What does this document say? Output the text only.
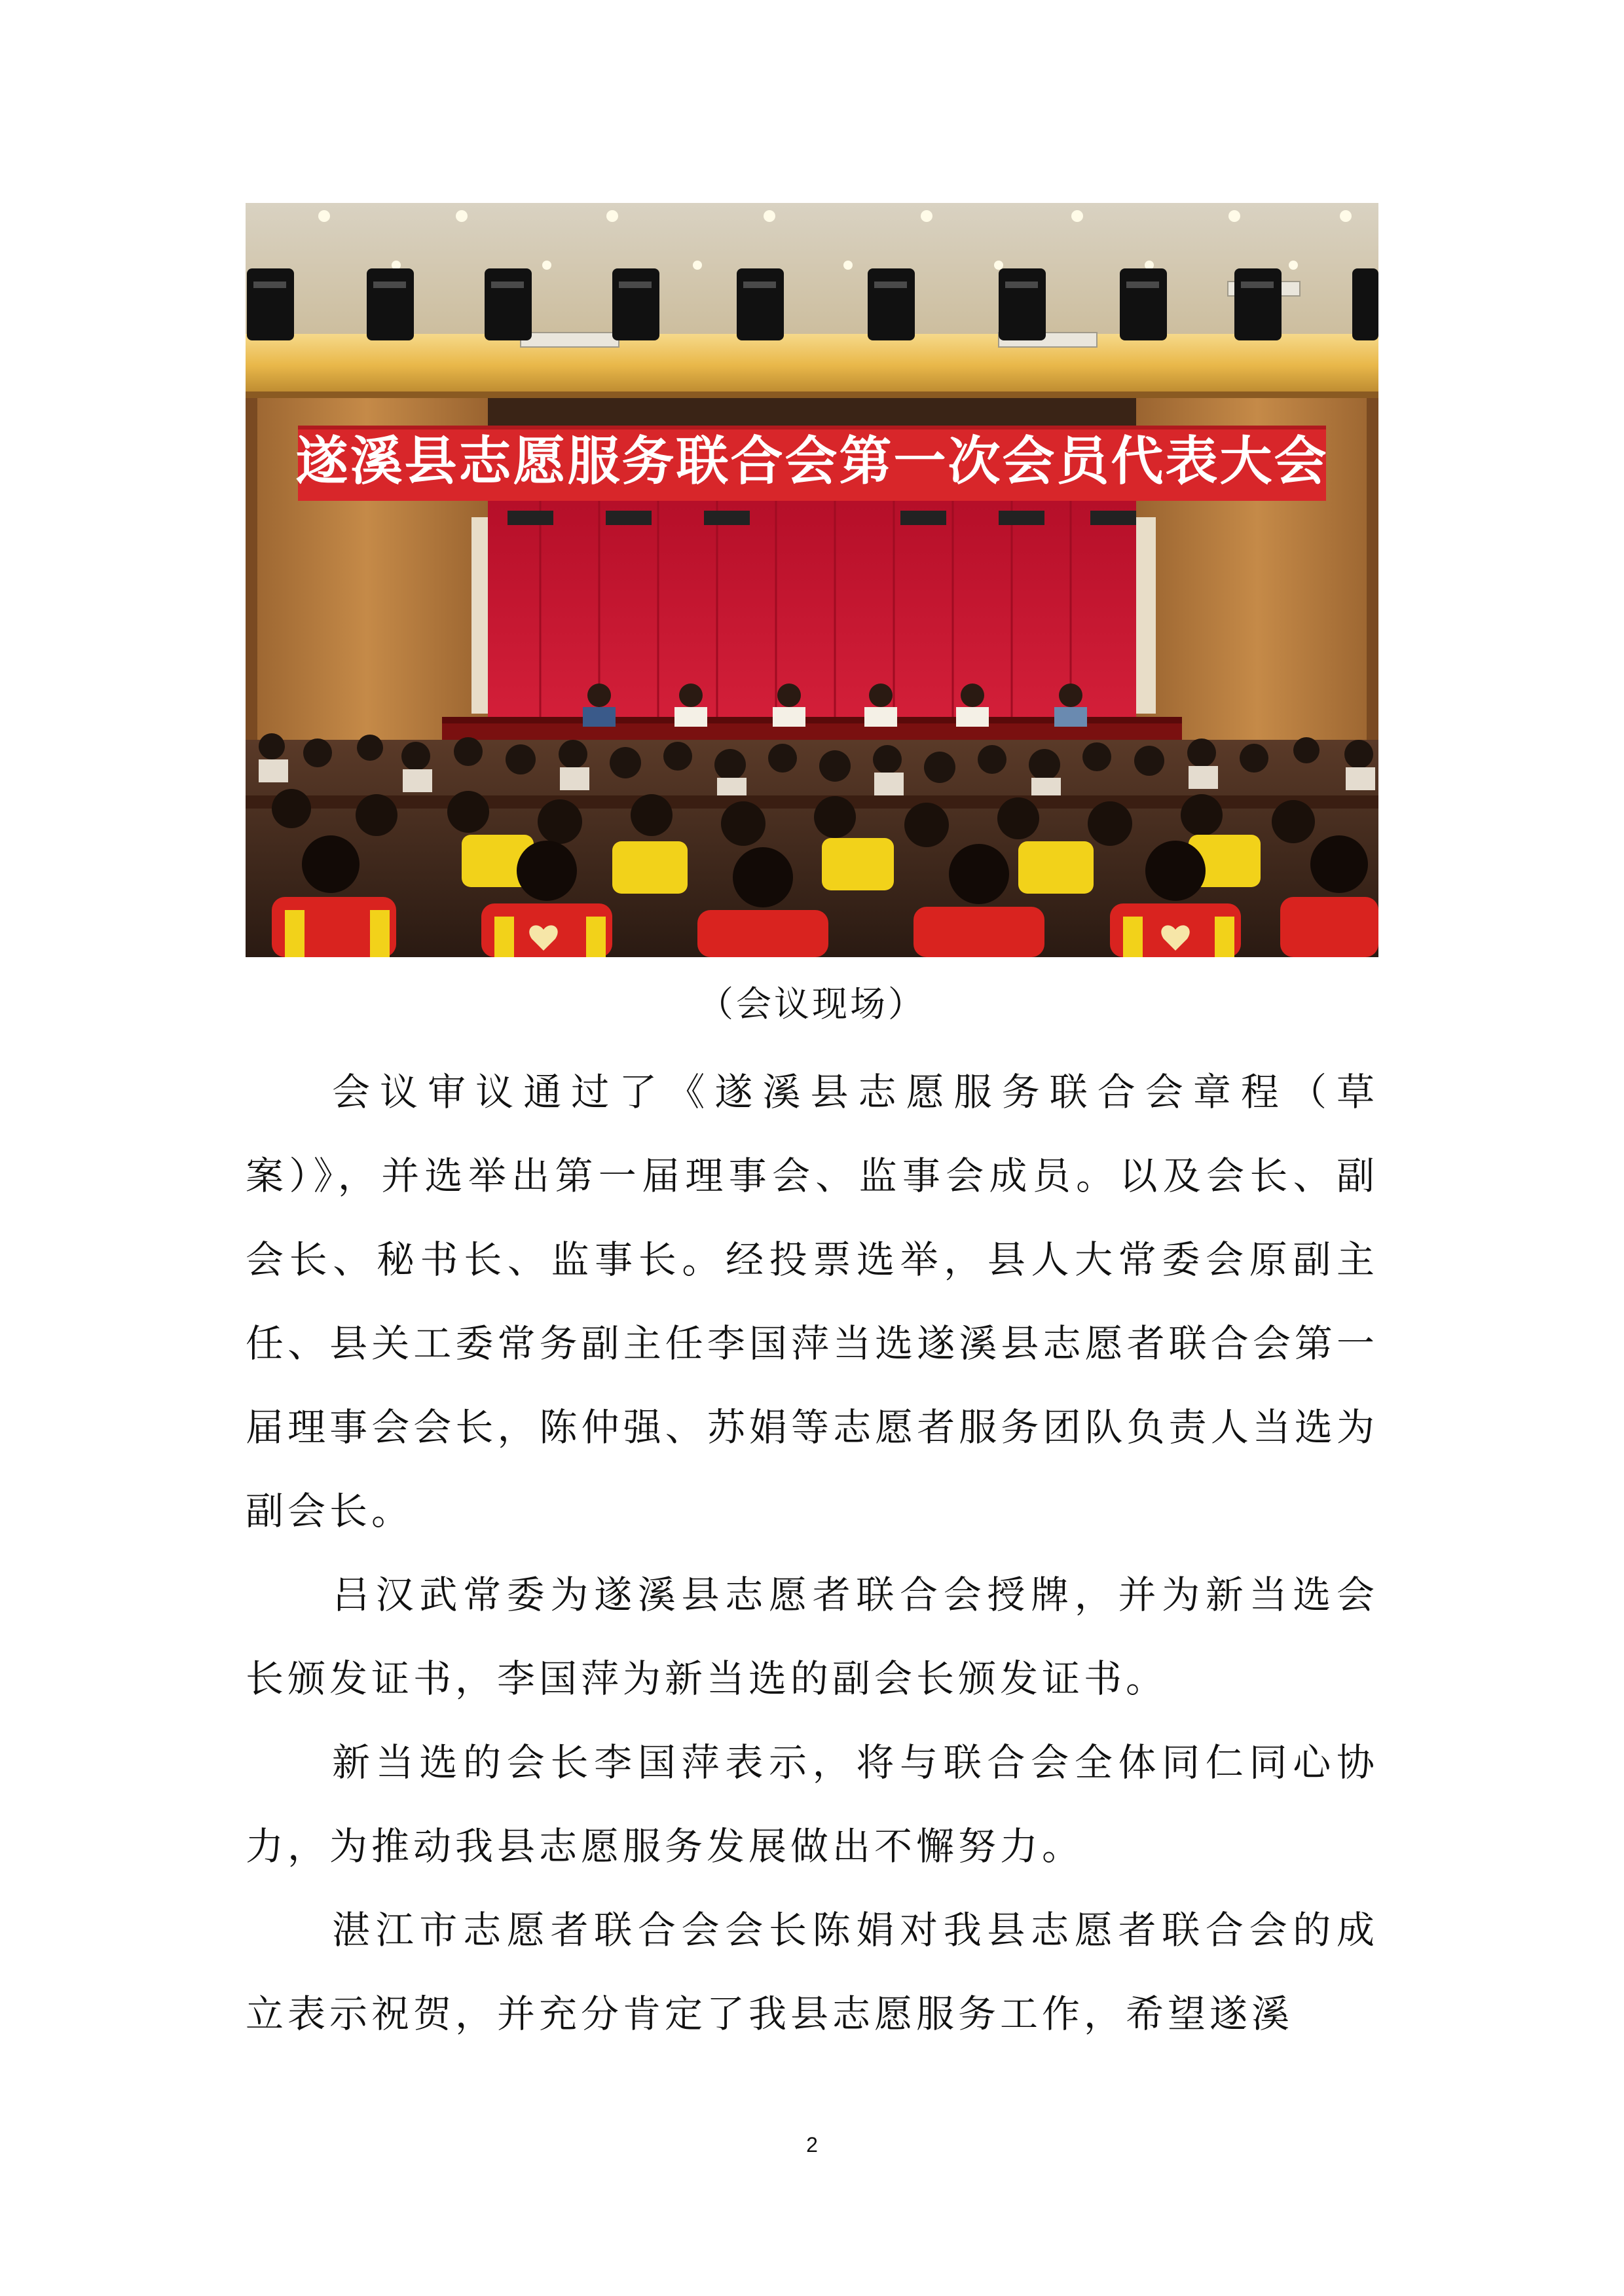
遂溪县志愿服务联合会第一次会员代表大会
（会议现场）

会议审议通过了《遂溪县志愿服务联合会章程（草案）》，并选举出第一届理事会、监事会成员。以及会长、副会长、秘书长、监事长。经投票选举，县人大常委会原副主任、县关工委常务副主任李国萍当选遂溪县志愿者联合会第一届理事会会长，陈仲强、苏娟等志愿者服务团队负责人当选为副会长。

吕汉武常委为遂溪县志愿者联合会授牌，并为新当选会长颁发证书，李国萍为新当选的副会长颁发证书。

新当选的会长李国萍表示，将与联合会全体同仁同心协力，为推动我县志愿服务发展做出不懈努力。

湛江市志愿者联合会会长陈娟对我县志愿者联合会的成立表示祝贺，并充分肯定了我县志愿服务工作，希望遂溪

2
